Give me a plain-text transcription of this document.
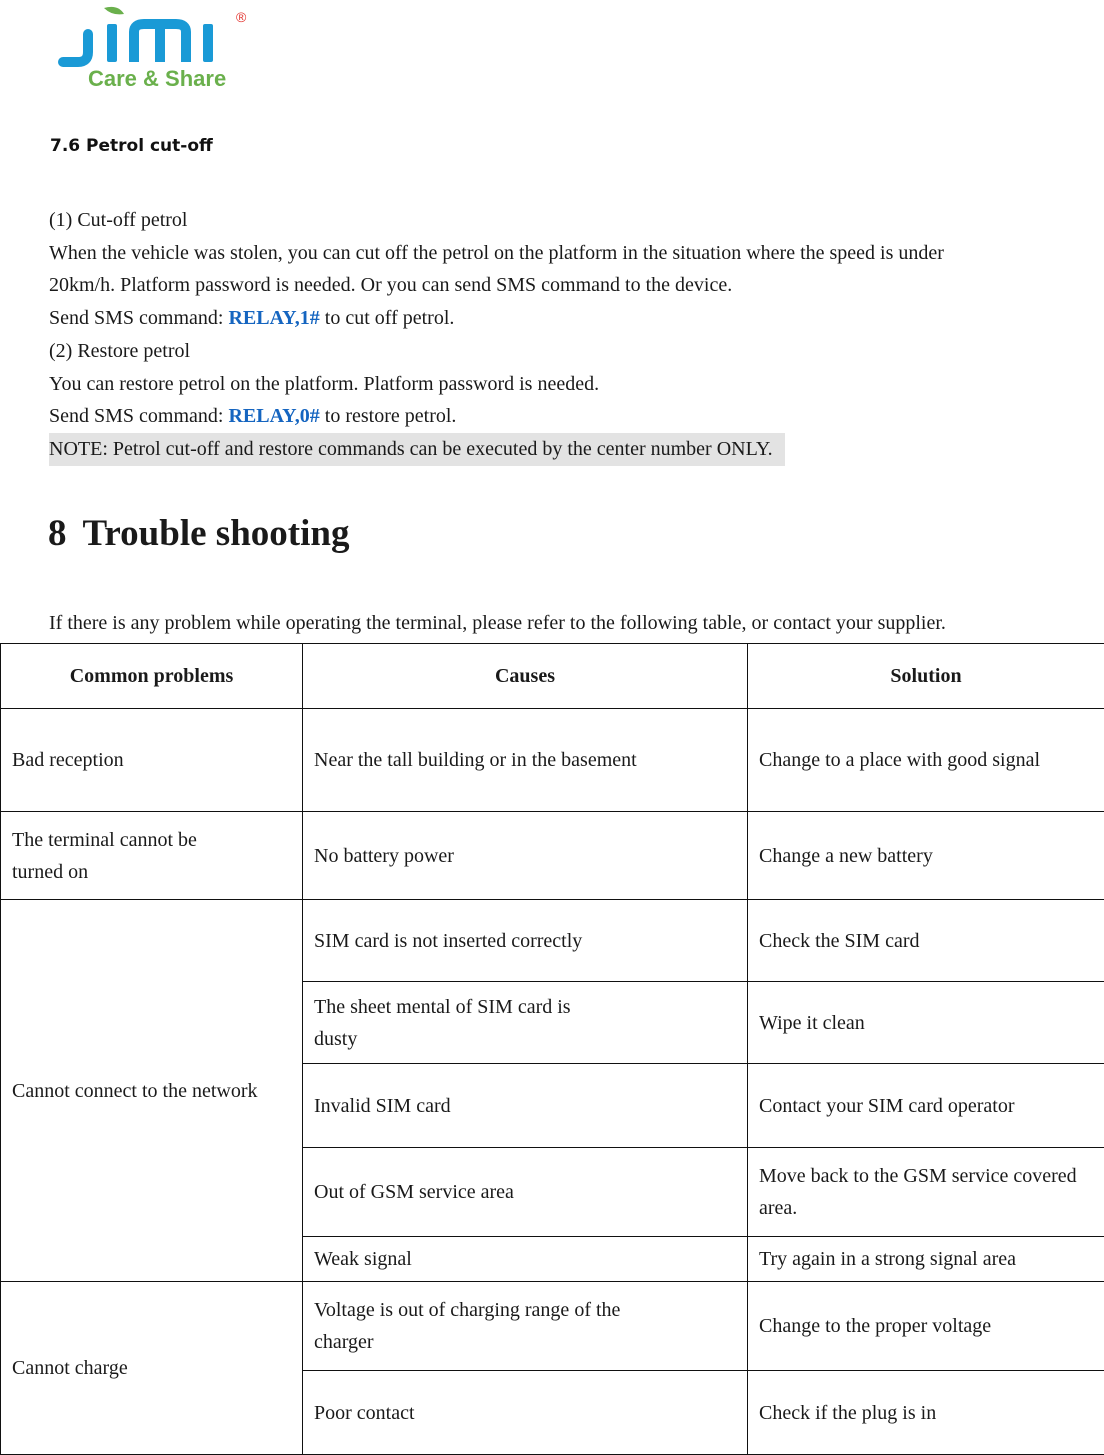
®
Care & Share
7.6 Petrol cut-off

(1) Cut-off petrol

When the vehicle was stolen, you can cut off the petrol on the platform in the situation where the speed is under

20km/h. Platform password is needed. Or you can send SMS command to the device.

Send SMS command: RELAY,1# to cut off petrol.

(2) Restore petrol

You can restore petrol on the platform. Platform password is needed.

Send SMS command: RELAY,0# to restore petrol.

NOTE: Petrol cut-off and restore commands can be executed by the center number ONLY.

8 Trouble shooting

If there is any problem while operating the terminal, please refer to the following table, or contact your supplier.

Common problems	Causes	Solution
Bad reception	Near the tall building or in the basement	Change to a place with good signal
The terminal cannot be turned on	No battery power	Change a new battery
Cannot connect to the network	SIM card is not inserted correctly	Check the SIM card
	The sheet mental of SIM card is dusty	Wipe it clean
	Invalid SIM card	Contact your SIM card operator
	Out of GSM service area	Move back to the GSM service covered area.
	Weak signal	Try again in a strong signal area
Cannot charge	Voltage is out of charging range of the charger	Change to the proper voltage
	Poor contact	Check if the plug is in
